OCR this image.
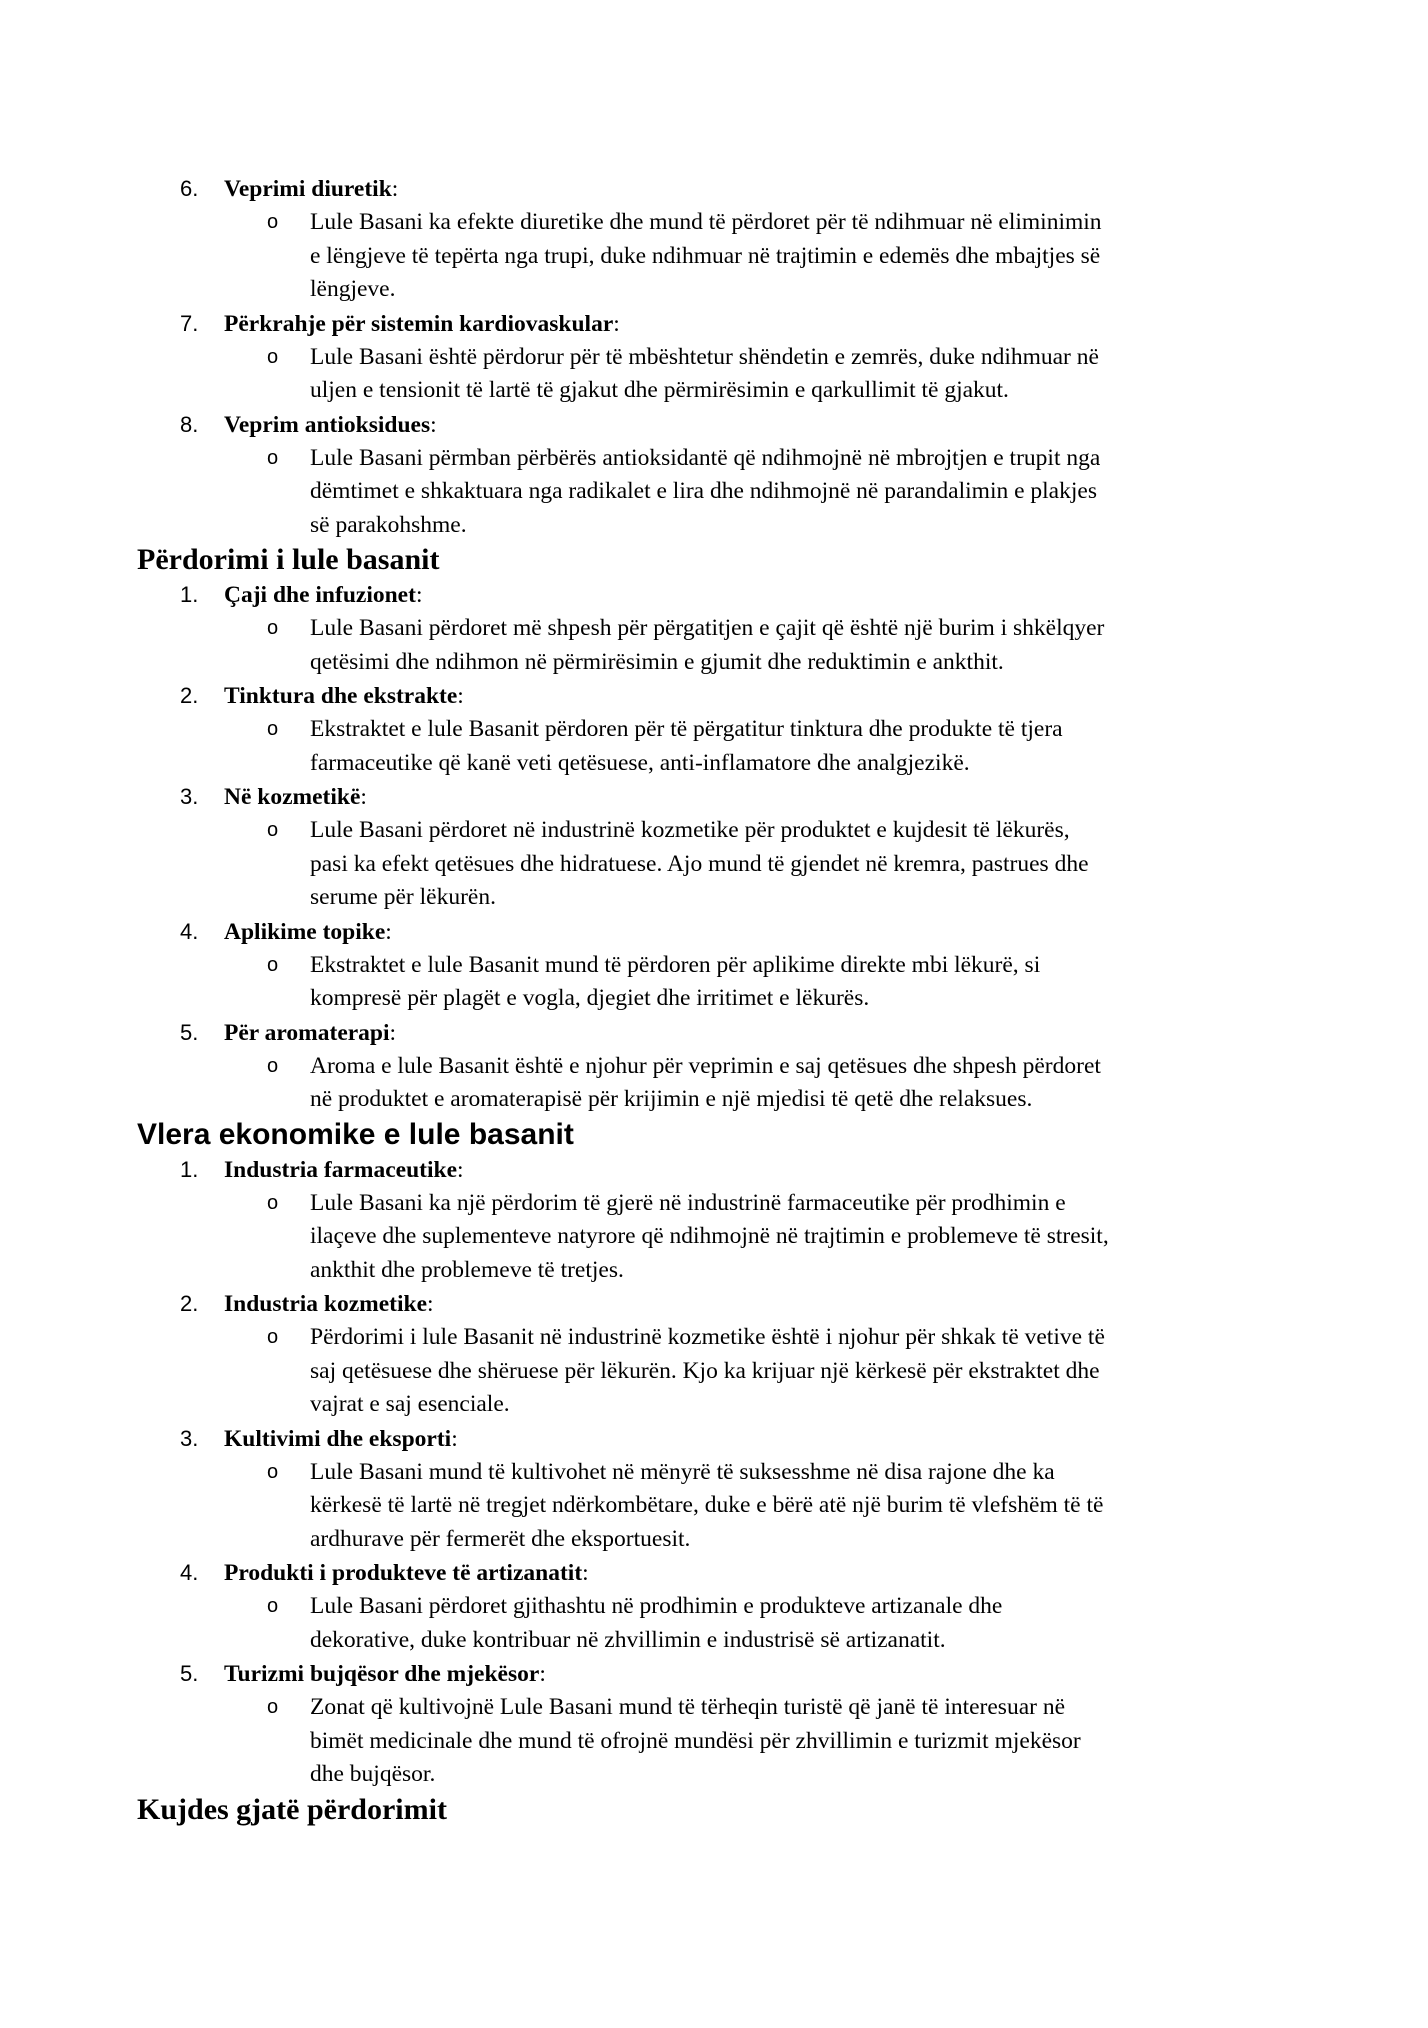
6. Veprimi diuretik:
o Lule Basani ka efekte diuretike dhe mund të përdoret për të ndihmuar në eliminimin
e lëngjeve të tepërta nga trupi, duke ndihmuar në trajtimin e edemës dhe mbajtjes së
lëngjeve.
7. Përkrahje për sistemin kardiovaskular:
o Lule Basani është përdorur për të mbështetur shëndetin e zemrës, duke ndihmuar në
uljen e tensionit të lartë të gjakut dhe përmirësimin e qarkullimit të gjakut.
8. Veprim antioksidues:
o Lule Basani përmban përbërës antioksidantë që ndihmojnë në mbrojtjen e trupit nga
dëmtimet e shkaktuara nga radikalet e lira dhe ndihmojnë në parandalimin e plakjes
së parakohshme.
Përdorimi i lule basanit
1. Çaji dhe infuzionet:
o Lule Basani përdoret më shpesh për përgatitjen e çajit që është një burim i shkëlqyer
qetësimi dhe ndihmon në përmirësimin e gjumit dhe reduktimin e ankthit.
2. Tinktura dhe ekstrakte:
o Ekstraktet e lule Basanit përdoren për të përgatitur tinktura dhe produkte të tjera
farmaceutike që kanë veti qetësuese, anti-inflamatore dhe analgjezikë.
3. Në kozmetikë:
o Lule Basani përdoret në industrinë kozmetike për produktet e kujdesit të lëkurës,
pasi ka efekt qetësues dhe hidratuese. Ajo mund të gjendet në kremra, pastrues dhe
serume për lëkurën.
4. Aplikime topike:
o Ekstraktet e lule Basanit mund të përdoren për aplikime direkte mbi lëkurë, si
kompresë për plagët e vogla, djegiet dhe irritimet e lëkurës.
5. Për aromaterapi:
o Aroma e lule Basanit është e njohur për veprimin e saj qetësues dhe shpesh përdoret
në produktet e aromaterapisë për krijimin e një mjedisi të qetë dhe relaksues.
Vlera ekonomike e lule basanit
1. Industria farmaceutike:
o Lule Basani ka një përdorim të gjerë në industrinë farmaceutike për prodhimin e
ilaçeve dhe suplementeve natyrore që ndihmojnë në trajtimin e problemeve të stresit,
ankthit dhe problemeve të tretjes.
2. Industria kozmetike:
o Përdorimi i lule Basanit në industrinë kozmetike është i njohur për shkak të vetive të
saj qetësuese dhe shëruese për lëkurën. Kjo ka krijuar një kërkesë për ekstraktet dhe
vajrat e saj esenciale.
3. Kultivimi dhe eksporti:
o Lule Basani mund të kultivohet në mënyrë të suksesshme në disa rajone dhe ka
kërkesë të lartë në tregjet ndërkombëtare, duke e bërë atë një burim të vlefshëm të të
ardhurave për fermerët dhe eksportuesit.
4. Produkti i produkteve të artizanatit:
o Lule Basani përdoret gjithashtu në prodhimin e produkteve artizanale dhe
dekorative, duke kontribuar në zhvillimin e industrisë së artizanatit.
5. Turizmi bujqësor dhe mjekësor:
o Zonat që kultivojnë Lule Basani mund të tërheqin turistë që janë të interesuar në
bimët medicinale dhe mund të ofrojnë mundësi për zhvillimin e turizmit mjekësor
dhe bujqësor.
Kujdes gjatë përdorimit
